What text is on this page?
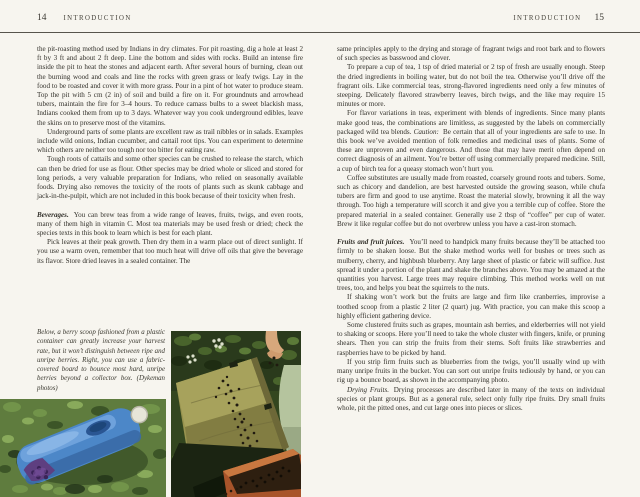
14	INTRODUCTION	INTRODUCTION 15

the pit-roasting method used by Indians in dry climates. For pit roasting, dig a hole at least 2 ft by 3 ft and about 2 ft deep. Line the bottom and sides with rocks. Build an intense fire inside the pit to heat the stones and adjacent earth. After several hours of burning, clean out the burning wood and coals and line the rocks with green grass or leafy twigs. Lay in the food to be roasted and cover it with more grass. Pour in a pint of hot water to produce steam. Top the pit with 5 cm (2 in) of soil and build a fire on it. For groundnuts and arrowhead tubers, maintain the fire for 3–4 hours. To reduce camass bulbs to a sweet blackish mass, Indians cooked them from up to 3 days. Whatever way you cook underground edibles, leave the skins on to preserve most of the vitamins.

Underground parts of some plants are excellent raw as trail nibbles or in salads. Examples include wild onions, Indian cucumber, and cattail root tips. You can experiment to determine which others are neither too tough nor too bitter for eating raw.

Tough roots of cattails and some other species can be crushed to release the starch, which can then be dried for use as flour. Other species may be dried whole or sliced and stored for long periods, a very valuable preparation for Indians, who relied on seasonally available foods. Drying also removes the toxicity of the roots of plants such as skunk cabbage and jack-in-the-pulpit, which are not included in this book because of their toxicity when fresh.

Beverages. You can brew teas from a wide range of leaves, fruits, twigs, and even roots, many of them high in vitamin C. Most tea materials may be used fresh or dried; check the species texts in this book to learn which is best for each plant.

Pick leaves at their peak growth. Then dry them in a warm place out of direct sunlight. If you use a warm oven, remember that too much heat will drive off oils that give the beverage its flavor. Store dried leaves in a sealed container. The

Below, a berry scoop fashioned from a plastic container can greatly increase your harvest rate, but it won’t distinguish between ripe and unripe berries. Right, you can use a fabric-covered board to bounce most hard, unripe berries beyond a collector box. (Dykeman photos)

same principles apply to the drying and storage of fragrant twigs and root bark and to flowers of such species as basswood and clover.

To prepare a cup of tea, 1 tsp of dried material or 2 tsp of fresh are usually enough. Steep the dried ingredients in boiling water, but do not boil the tea. Otherwise you’ll drive off the fragrant oils. Like commercial teas, strong-flavored ingredients need only a few minutes of steeping. Delicately flavored strawberry leaves, birch twigs, and the like may require 15 minutes or more.

For flavor variations in teas, experiment with blends of ingredients. Since many plants make good teas, the combinations are limitless, as suggested by the labels on commercially packaged wild tea blends. Caution: Be certain that all of your ingredients are safe to use. In this book we’ve avoided mention of folk remedies and medicinal uses of plants. Some of these are unproven and even dangerous. And those that may have merit often depend on correct diagnosis of an ailment. You’re better off using commercially prepared medicine. Still, a cup of birch tea for a queasy stomach won’t hurt you.

Coffee substitutes are usually made from roasted, coarsely ground roots and tubers. Some, such as chicory and dandelion, are best harvested outside the growing season, while chufa tubers are firm and good to use anytime. Roast the material slowly, browning it all the way through. Too high a temperature will scorch it and give you a terrible cup of coffee. Store the prepared material in a sealed container. Generally use 2 tbsp of “coffee” per cup of water. Brew it like regular coffee but do not overbrew unless you have a cast-iron stomach.

Fruits and fruit juices. You’ll need to handpick many fruits because they’ll be attached too firmly to be shaken loose. But the shake method works well for bushes or trees such as mulberry, cherry, and highbush blueberry. Any large sheet of plastic or fabric will suffice. Just spread it under a portion of the plant and shake the branches above. You may be amazed at the quantities you harvest. Large trees may require climbing. This method works well on nut trees, too, and helps you beat the squirrels to the nuts.

If shaking won’t work but the fruits are large and firm like cranberries, improvise a toothed scoop from a plastic 2 liter (2 quart) jug. With practice, you can make this scoop a highly efficient gathering device.

Some clustered fruits such as grapes, mountain ash berries, and elderberries will not yield to shaking or scoops. Here you’ll need to take the whole cluster with fingers, knife, or pruning shears. Then you can strip the fruits from their stems. Soft fruits like strawberries and raspberries have to be picked by hand.

If you strip firm fruits such as blueberries from the twigs, you’ll usually wind up with many unripe fruits in the bucket. You can sort out unripe fruits tediously by hand, or you can rig up a bounce board, as shown in the accompanying photo.

Drying Fruits. Drying processes are described later in many of the texts on individual species or plant groups. But as a general rule, select only fully ripe fruits. Dry small fruits whole, pit the pitted ones, and cut large ones into pieces or slices.
